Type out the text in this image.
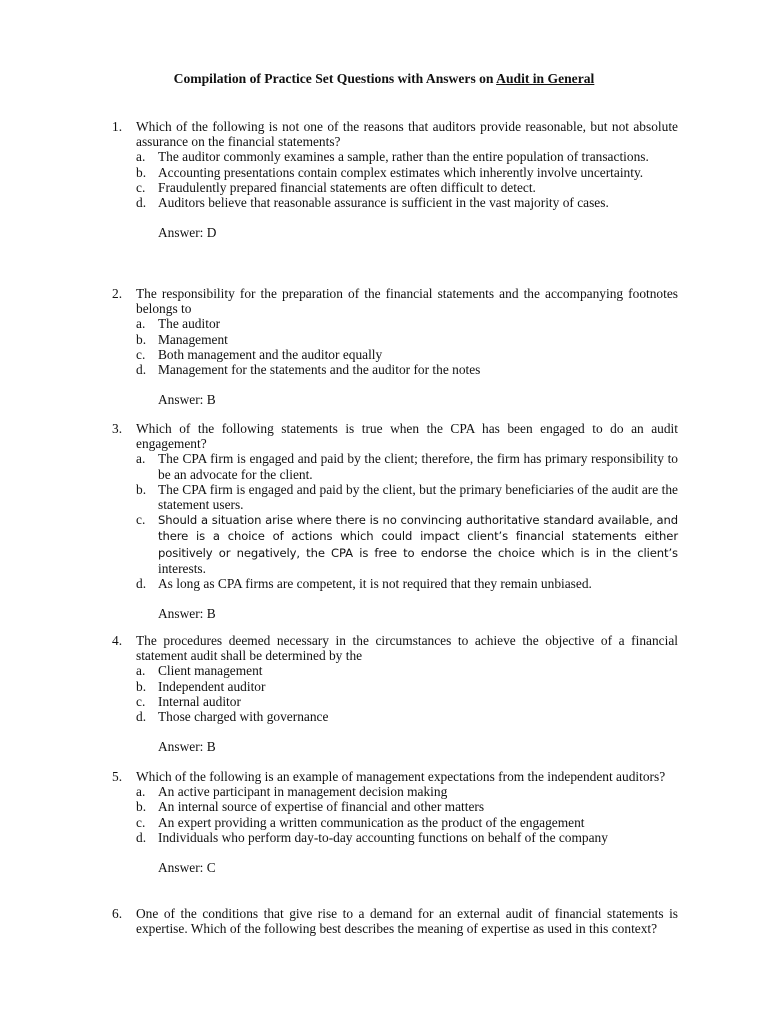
Compilation of Practice Set Questions with Answers on Audit in General
1. Which of the following is not one of the reasons that auditors provide reasonable, but not absolute assurance on the financial statements?
a. The auditor commonly examines a sample, rather than the entire population of transactions.
b. Accounting presentations contain complex estimates which inherently involve uncertainty.
c. Fraudulently prepared financial statements are often difficult to detect.
d. Auditors believe that reasonable assurance is sufficient in the vast majority of cases.
Answer: D
2. The responsibility for the preparation of the financial statements and the accompanying footnotes belongs to
a. The auditor
b. Management
c. Both management and the auditor equally
d. Management for the statements and the auditor for the notes
Answer: B
3. Which of the following statements is true when the CPA has been engaged to do an audit engagement?
a. The CPA firm is engaged and paid by the client; therefore, the firm has primary responsibility to be an advocate for the client.
b. The CPA firm is engaged and paid by the client, but the primary beneficiaries of the audit are the statement users.
c. Should a situation arise where there is no convincing authoritative standard available, and there is a choice of actions which could impact client’s financial statements either positively or negatively, the CPA is free to endorse the choice which is in the client’s interests.
d. As long as CPA firms are competent, it is not required that they remain unbiased.
Answer: B
4. The procedures deemed necessary in the circumstances to achieve the objective of a financial statement audit shall be determined by the
a. Client management
b. Independent auditor
c. Internal auditor
d. Those charged with governance
Answer: B
5. Which of the following is an example of management expectations from the independent auditors?
a. An active participant in management decision making
b. An internal source of expertise of financial and other matters
c. An expert providing a written communication as the product of the engagement
d. Individuals who perform day-to-day accounting functions on behalf of the company
Answer: C
6. One of the conditions that give rise to a demand for an external audit of financial statements is expertise. Which of the following best describes the meaning of expertise as used in this context?
